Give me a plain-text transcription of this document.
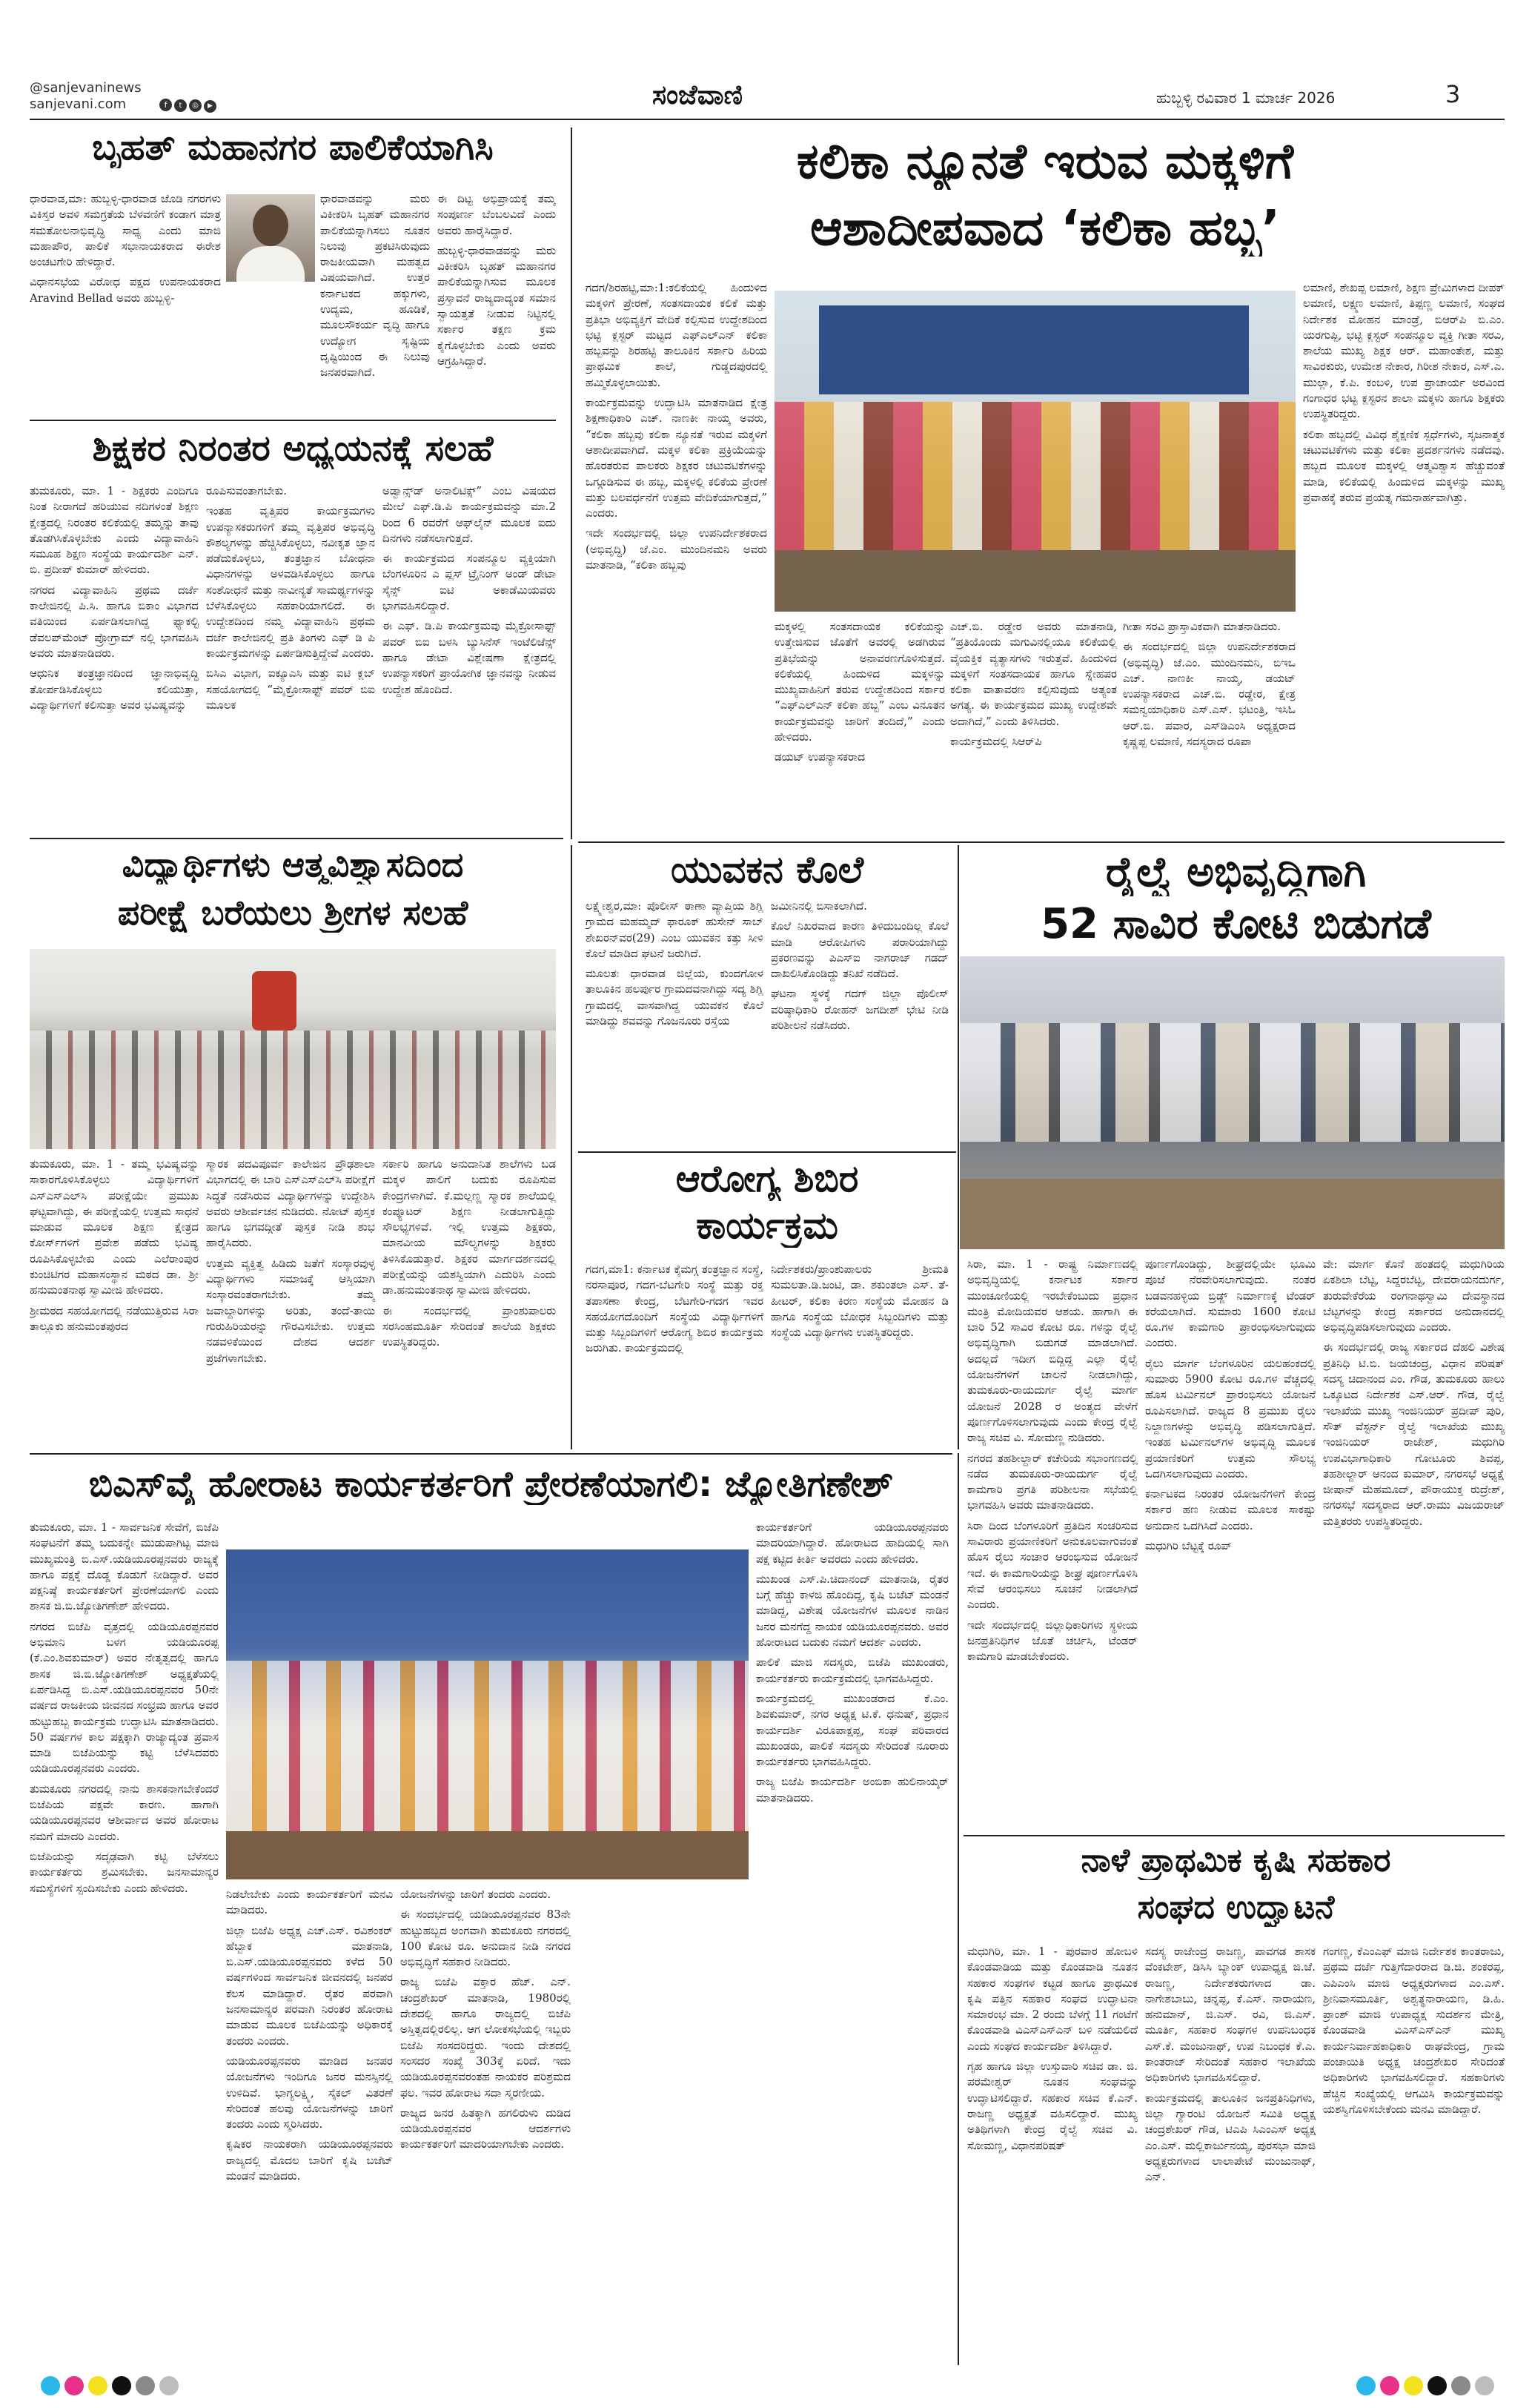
@sanjevaninews
sanjevani.com	f t ◎ ▶	ಸಂಜೆವಾಣಿ	ಹುಬ್ಬಳ್ಳಿ ರವಿವಾರ 1 ಮಾರ್ಚ 2026	3
ಬೃಹತ್ ಮಹಾನಗರ ಪಾಲಿಕೆಯಾಗಿಸಿ

ಧಾರವಾಡ,ಮಾ: ಹುಬ್ಬಳ್ಳಿ-ಧಾರವಾಡ ಜೊಡಿ ನಗರಗಳು ವಿಕಿಸ್ತರ ಅವಳಿ ಸಮಗ್ರತೆಯ ಬೆಳವಣಿಗೆ ಕಂಡಾಗ ಮಾತ್ರ ಸಮತೋಲನಾಭಿವೃದ್ಧಿ ಸಾಧ್ಯ ಎಂದು ಮಾಜಿ ಮಹಾಪೌರ, ಪಾಲಿಕೆ ಸಭಾನಾಯಕರಾದ ಈರೇಶ ಅಂಚಟಗೇರಿ ಹೇಳಿದ್ದಾರೆ.

ವಿಧಾನಸಭೆಯ ವಿರೋಧ ಪಕ್ಷದ ಉಪನಾಯಕರಾದ Aravind Bellad ಅವರು ಹುಬ್ಬಳ್ಳಿ-

ಧಾರವಾಡವನ್ನು ಮರು ವಿಕೀಕರಿಸಿ ಬೃಹತ್ ಮಹಾನಗರ ಪಾಲಿಕೆಯನ್ನಾಗಿಸಲು ನೂತನ ನಿಲುವು ಪ್ರಕಟಿಸಿರುವುದು ರಾಜಕೀಯವಾಗಿ ಮಹತ್ವದ ವಿಷಯವಾಗಿದೆ. ಉತ್ತರ ಕರ್ನಾಟಕದ ಹಕ್ಕುಗಳು, ಉದ್ಯಮ, ಹೂಡಿಕೆ, ಮೂಲಸೌಕರ್ಯ ವೃದ್ಧಿ ಹಾಗೂ ಉದ್ಯೋಗ ಸೃಷ್ಟಿಯ ದೃಷ್ಟಿಯಿಂದ ಈ ನಿಲುವು ಜನಪರವಾಗಿದೆ.

ಈ ದಿಟ್ಟ ಅಭಿಪ್ರಾಯಕ್ಕೆ ತಮ್ಮ ಸಂಪೂರ್ಣ ಬೆಂಬಲವಿದೆ ಎಂದು ಅವರು ಹಾರೈಸಿದ್ದಾರೆ.

ಹುಬ್ಬಳ್ಳಿ-ಧಾರವಾಡವನ್ನು ಮರು ವಿಕೀಕರಿಸಿ ಬೃಹತ್ ಮಹಾನಗರ ಪಾಲಿಕೆಯನ್ನಾಗಿಸುವ ಮೂಲಕ ಪ್ರಸ್ತಾವನೆ ರಾಜ್ಯದಾದ್ಯಂತ ಸಮಾನ ಸ್ವಾಯತ್ತತೆ ನೀಡುವ ನಿಟ್ಟಿನಲ್ಲಿ ಸರ್ಕಾರ ತಕ್ಷಣ ಕ್ರಮ ಕೈಗೊಳ್ಳಬೇಕು ಎಂದು ಅವರು ಆಗ್ರಹಿಸಿದ್ದಾರೆ.

ಕಲಿಕಾ ನ್ಯೂನತೆ ಇರುವ ಮಕ್ಕಳಿಗೆ
ಆಶಾದೀಪವಾದ ‘ಕಲಿಕಾ ಹಬ್ಬ’

ಗದಗ/ಶಿರಹಟ್ಟಿ,ಮಾ:1:ಕಲಿಕೆಯಲ್ಲಿ ಹಿಂದುಳಿದ ಮಕ್ಕಳಿಗೆ ಪ್ರೇರಣೆ, ಸಂತಸದಾಯಕ ಕಲಿಕೆ ಮತ್ತು ಪ್ರತಿಭಾ ಅಭಿವ್ಯಕ್ತಿಗೆ ವೇದಿಕೆ ಕಲ್ಪಿಸುವ ಉದ್ದೇಶದಿಂದ ಭಟ್ಟಿ ಕ್ಲಸ್ಟರ್ ಮಟ್ಟದ ಎಫ್‌ಎಲ್‌ಎನ್ ಕಲಿಕಾ ಹಬ್ಬವನ್ನು ಶಿರಹಟ್ಟಿ ತಾಲೂಕಿನ ಸರ್ಕಾರಿ ಹಿರಿಯ ಪ್ರಾಥಮಿಕ ಶಾಲೆ, ಗುಡ್ಡದಪುರದಲ್ಲಿ ಹಮ್ಮಿಕೊಳ್ಳಲಾಯಿತು.

ಕಾರ್ಯಕ್ರಮವನ್ನು ಉದ್ಘಾಟಿಸಿ ಮಾತನಾಡಿದ ಕ್ಷೇತ್ರ ಶಿಕ್ಷಣಾಧಿಕಾರಿ ಎಚ್. ನಾಣಕೀ ನಾಯ್ಕ ಅವರು, “ಕಲಿಕಾ ಹಬ್ಬವು ಕಲಿಕಾ ನ್ಯೂನತೆ ಇರುವ ಮಕ್ಕಳಿಗೆ ಆಶಾದೀಪವಾಗಿದೆ. ಮಕ್ಕಳ ಕಲಿಕಾ ಪ್ರಕ್ರಿಯೆಯನ್ನು ಹೊರತರುವ ಪಾಲಕರು ಶಿಕ್ಷಕರ ಚಟುವಟಿಕೆಗಳನ್ನು ಒಗ್ಗೂಡಿಸುವ ಈ ಹಬ್ಬ, ಮಕ್ಕಳಲ್ಲಿ ಕಲಿಕೆಯ ಪ್ರೇರಣೆ ಮತ್ತು ಬಲವರ್ಧನೆಗೆ ಉತ್ತಮ ವೇದಿಕೆಯಾಗುತ್ತದೆ,” ಎಂದರು.

ಇದೇ ಸಂದರ್ಭದಲ್ಲಿ ಜಿಲ್ಲಾ ಉಪನಿರ್ದೇಶಕರಾದ (ಅಭಿವೃದ್ಧಿ) ಜೆ.ಎಂ. ಮುಂದಿನಮನಿ ಅವರು ಮಾತನಾಡಿ, “ಕಲಿಕಾ ಹಬ್ಬವು

ಮಕ್ಕಳಲ್ಲಿ ಸಂತಸದಾಯಕ ಕಲಿಕೆಯನ್ನು ಉತ್ತೇಜಿಸುವ ಜೊತೆಗೆ ಅವರಲ್ಲಿ ಅಡಗಿರುವ ಪ್ರತಿಭೆಯನ್ನು ಅನಾವರಣಗೊಳಿಸುತ್ತದೆ. ಕಲಿಕೆಯಲ್ಲಿ ಹಿಂದುಳಿದ ಮಕ್ಕಳನ್ನು ಮುಖ್ಯವಾಹಿನಿಗೆ ತರುವ ಉದ್ದೇಶದಿಂದ ಸರ್ಕಾರ “ಎಫ್‌ಎಲ್‌ಎನ್ ಕಲಿಕಾ ಹಬ್ಬ” ಎಂಬ ವಿನೂತನ ಕಾರ್ಯಕ್ರಮವನ್ನು ಜಾರಿಗೆ ತಂದಿದೆ,” ಎಂದು ಹೇಳಿದರು.

ಡಯಟ್ ಉಪನ್ಯಾಸಕರಾದ

ಎಚ್.ಬಿ. ರಡ್ಡೇರ ಅವರು ಮಾತನಾಡಿ, “ಪ್ರತಿಯೊಂದು ಮಗುವಿನಲ್ಲಿಯೂ ಕಲಿಕೆಯಲ್ಲಿ ವೈಯಕ್ತಿಕ ವ್ಯತ್ಯಾಸಗಳು ಇರುತ್ತವೆ. ಹಿಂದುಳಿದ ಮಕ್ಕಳಿಗೆ ಸಂತಸದಾಯಕ ಹಾಗೂ ಸ್ನೇಹಪರ ಕಲಿಕಾ ವಾತಾವರಣ ಕಲ್ಪಿಸುವುದು ಅತ್ಯಂತ ಅಗತ್ಯ. ಈ ಕಾರ್ಯಕ್ರಮದ ಮುಖ್ಯ ಉದ್ದೇಶವೇ ಅದಾಗಿದೆ,” ಎಂದು ತಿಳಿಸಿದರು.

ಕಾರ್ಯಕ್ರಮದಲ್ಲಿ ಸಿಆರ್‌ಪಿ

ಗೀತಾ ಸರವಿ ಪ್ರಾಸ್ತಾವಿಕವಾಗಿ ಮಾತನಾಡಿದರು.

ಈ ಸಂದರ್ಭದಲ್ಲಿ ಜಿಲ್ಲಾ ಉಪನಿರ್ದೇಶಕರಾದ (ಅಭಿವೃದ್ಧಿ) ಜೆ.ಎಂ. ಮುಂದಿನಮನಿ, ಬಿಇಒ ಎಚ್. ನಾಣಕೀ ನಾಯ್ಕ, ಡಯಟ್ ಉಪನ್ಯಾಸಕರಾದ ಎಚ್.ಬಿ. ರಡ್ಡೇರ, ಕ್ಷೇತ್ರ ಸಮನ್ವಯಾಧಿಕಾರಿ ಎಸ್.ಎಸ್. ಭಟಂತ್ರಿ, ಇಸಿಓ ಆರ್.ಬಿ. ಪವಾರ, ಎಸ್‌ಡಿಎಂಸಿ ಅಧ್ಯಕ್ಷರಾದ ಕೃಷ್ಣಪ್ಪ ಲಮಾಣಿ, ಸದಸ್ಯರಾದ ರೂಪಾ

ಲಮಾಣಿ, ಶೇಖಪ್ಪ ಲಮಾಣಿ, ಶಿಕ್ಷಣ ಪ್ರೇಮಿಗಳಾದ ದೀಪಕ್ ಲಮಾಣಿ, ಲಕ್ಷ್ಮಣ ಲಮಾಣಿ, ತಿಪ್ಪಣ್ಣ ಲಮಾಣಿ, ಸಂಘದ ನಿರ್ದೇಶಕ ಮೋಹನ ಮಾಂಡ್ರೆ, ಬಿಆರ್‌ಪಿ ಬಿ.ಎಂ. ಯರಗುಪ್ಪಿ, ಭಟ್ಟಿ ಕ್ಲಸ್ಟರ್ ಸಂಪನ್ಮೂಲ ವ್ಯಕ್ತಿ ಗೀತಾ ಸರವಿ, ಶಾಲೆಯ ಮುಖ್ಯ ಶಿಕ್ಷಕ ಆರ್. ಮಹಾಂತೇಶ, ಮತ್ತು ಸಾವಿರಕುರು, ಉಮೇಶ ನೇಕಾರ, ಗಿರೀಶ ನೇಕಾರ, ಎಸ್.ಎ. ಮುಲ್ಲಾ, ಕೆ.ಪಿ. ಕಂಬಳಿ, ಉಪ ಪ್ರಾಚಾರ್ಯ ಅರವಿಂದ ಗಂಗಾಧರ ಭಟ್ಟ ಕ್ಲಸ್ಟರನ ಶಾಲಾ ಮಕ್ಕಳು ಹಾಗೂ ಶಿಕ್ಷಕರು ಉಪಸ್ಥಿತರಿದ್ದರು.

ಕಲಿಕಾ ಹಬ್ಬದಲ್ಲಿ ವಿವಿಧ ಶೈಕ್ಷಣಿಕ ಸ್ಪರ್ಧೆಗಳು, ಸೃಜನಾತ್ಮಕ ಚಟುವಟಿಕೆಗಳು ಮತ್ತು ಕಲಿಕಾ ಪ್ರದರ್ಶನಗಳು ನಡೆದವು. ಹಬ್ಬದ ಮೂಲಕ ಮಕ್ಕಳಲ್ಲಿ ಆತ್ಮವಿಶ್ವಾಸ ಹೆಚ್ಚುವಂತೆ ಮಾಡಿ, ಕಲಿಕೆಯಲ್ಲಿ ಹಿಂದುಳಿದ ಮಕ್ಕಳನ್ನು ಮುಖ್ಯ ಪ್ರವಾಹಕ್ಕೆ ತರುವ ಪ್ರಯತ್ನ ಗಮನಾರ್ಹವಾಗಿತ್ತು.

ಶಿಕ್ಷಕರ ನಿರಂತರ ಅಧ್ಯಯನಕ್ಕೆ ಸಲಹೆ

ತುಮಕೂರು, ಮಾ. 1 - ಶಿಕ್ಷಕರು ಎಂದಿಗೂ ನಿಂತ ನೀರಾಗದೆ ಹರಿಯುವ ನದಿಗಳಂತೆ ಶಿಕ್ಷಣ ಕ್ಷೇತ್ರದಲ್ಲಿ ನಿರಂತರ ಕಲಿಕೆಯಲ್ಲಿ ತಮ್ಮನ್ನು ತಾವು ತೊಡಗಿಸಿಕೊಳ್ಳಬೇಕು ಎಂದು ವಿದ್ಯಾವಾಹಿನಿ ಸಮೂಹ ಶಿಕ್ಷಣ ಸಂಸ್ಥೆಯ ಕಾರ್ಯದರ್ಶಿ ಎನ್. ಬಿ. ಪ್ರದೀಪ್ ಕುಮಾರ್ ಹೇಳಿದರು.

ನಗರದ ವಿದ್ಯಾವಾಹಿನಿ ಪ್ರಥಮ ದರ್ಜೆ ಕಾಲೇಜಿನಲ್ಲಿ ಪಿ.ಸಿ. ಹಾಗೂ ಬಿಕಾಂ ವಿಭಾಗದ ವತಿಯಿಂದ ಏರ್ಪಡಿಸಲಾಗಿದ್ದ ಫ್ಯಾಕಲ್ಟಿ ಡೆವಲಪ್‌ಮೆಂಟ್ ಪ್ರೋಗ್ರಾಮ್ ನಲ್ಲಿ ಭಾಗವಹಿಸಿ ಅವರು ಮಾತನಾಡಿದರು.

ಆಧುನಿಕ ತಂತ್ರಜ್ಞಾನದಿಂದ ಜ್ಞಾನಾಭಿವೃದ್ಧಿ ತೋರ್ಪಡಿಸಿಕೊಳ್ಳಲು ಕಲಿಯುತ್ತಾ, ವಿದ್ಯಾರ್ಥಿಗಳಿಗೆ ಕಲಿಸುತ್ತಾ ಅವರ ಭವಿಷ್ಯವನ್ನು

ರೂಪಿಸುವಂತಾಗಬೇಕು.

ಇಂತಹ ವೃತ್ತಿಪರ ಕಾರ್ಯಕ್ರಮಗಳು ಉಪನ್ಯಾಸಕರುಗಳಿಗೆ ತಮ್ಮ ವೃತ್ತಿಪರ ಅಭಿವೃದ್ಧಿ ಕೌಶಲ್ಯಗಳನ್ನು ಹೆಚ್ಚಿಸಿಕೊಳ್ಳಲು, ನವೀಕೃತ ಜ್ಞಾನ ಪಡೆದುಕೊಳ್ಳಲು, ತಂತ್ರಜ್ಞಾನ ಬೋಧನಾ ವಿಧಾನಗಳನ್ನು ಅಳವಡಿಸಿಕೊಳ್ಳಲು ಹಾಗೂ ಸಂಶೋಧನೆ ಮತ್ತು ನಾವೀನ್ಯತೆ ಸಾಮರ್ಥ್ಯಗಳನ್ನು ಬೆಳೆಸಿಕೊಳ್ಳಲು ಸಹಕಾರಿಯಾಗಲಿದೆ. ಈ ಉದ್ದೇಶದಿಂದ ನಮ್ಮ ವಿದ್ಯಾವಾಹಿನಿ ಪ್ರಥಮ ದರ್ಜೆ ಕಾಲೇಜಿನಲ್ಲಿ ಪ್ರತಿ ತಿಂಗಳು ಎಫ್ ಡಿ ಪಿ ಕಾರ್ಯಕ್ರಮಗಳನ್ನು ಏರ್ಪಡಿಸುತ್ತಿದ್ದೇವೆ ಎಂದರು.

ಬಿಸಿಎ ವಿಭಾಗ, ಐಕ್ಯೂಎಸಿ ಮತ್ತು ಐಟಿ ಕ್ಲಬ್ ಸಹಯೋಗದಲ್ಲಿ “ಮೈಕ್ರೋಸಾಫ್ಟ್ ಪವರ್ ಬಿಐ ಮೂಲಕ

ಅಡ್ವಾನ್ಸ್‌ಡ್ ಅನಾಲಿಟಿಕ್ಸ್” ಎಂಬ ವಿಷಯದ ಮೇಲೆ ಎಫ್.ಡಿ.ಪಿ ಕಾರ್ಯಕ್ರಮವನ್ನು ಮಾ.2 ರಿಂದ 6 ರವರೆಗೆ ಆಫ್‌ಲೈನ್ ಮೂಲಕ ಐದು ದಿನಗಳು ನಡೆಸಲಾಗುತ್ತದೆ.

ಈ ಕಾರ್ಯಕ್ರಮದ ಸಂಪನ್ಮೂಲ ವ್ಯಕ್ತಿಯಾಗಿ ಬೆಂಗಳೂರಿನ ಎ ಪ್ಲಸ್ ಟ್ರೈನಿಂಗ್ ಅಂಡ್ ಡೇಟಾ ಸೈನ್ಸ್ ಐಟಿ ಅಕಾಡೆಮಿಯವರು ಭಾಗವಹಿಸಲಿದ್ದಾರೆ.

ಈ ಎಫ್. ಡಿ.ಪಿ ಕಾರ್ಯಕ್ರಮವು ಮೈಕ್ರೋಸಾಫ್ಟ್ ಪವರ್ ಬಿಐ ಬಳಸಿ ಬ್ಯುಸಿನೆಸ್ ಇಂಟೆಲಿಜೆನ್ಸ್ ಹಾಗೂ ಡೇಟಾ ವಿಶ್ಲೇಷಣಾ ಕ್ಷೇತ್ರದಲ್ಲಿ ಉಪನ್ಯಾಸಕರಿಗೆ ಪ್ರಾಯೋಗಿಕ ಜ್ಞಾನವನ್ನು ನೀಡುವ ಉದ್ದೇಶ ಹೊಂದಿದೆ.

ವಿದ್ಯಾರ್ಥಿಗಳು ಆತ್ಮವಿಶ್ವಾಸದಿಂದ
ಪರೀಕ್ಷೆ ಬರೆಯಲು ಶ್ರೀಗಳ ಸಲಹೆ

ತುಮಕೂರು, ಮಾ. 1 - ತಮ್ಮ ಭವಿಷ್ಯವನ್ನು ಸಾಕಾರಗೊಳಿಸಿಕೊಳ್ಳಲು ವಿದ್ಯಾರ್ಥಿಗಳಿಗೆ ಎಸ್‌ಎಸ್‌ಎಲ್‌ಸಿ ಪರೀಕ್ಷೆಯೇ ಪ್ರಮುಖ ಘಟ್ಟವಾಗಿದ್ದು, ಈ ಪರೀಕ್ಷೆಯಲ್ಲಿ ಉತ್ತಮ ಸಾಧನೆ ಮಾಡುವ ಮೂಲಕ ಶಿಕ್ಷಣ ಕ್ಷೇತ್ರದ ಕೋರ್ಸ್‌ಗಳಿಗೆ ಪ್ರವೇಶ ಪಡೆದು ಭವಿಷ್ಯ ರೂಪಿಸಿಕೊಳ್ಳಬೇಕು ಎಂದು ಎಲೆರಾಂಪುರ ಕುಂಚಿಟಿಗರ ಮಹಾಸಂಸ್ಥಾನ ಮಠದ ಡಾ. ಶ್ರೀ ಹನುಮಂತನಾಥ ಸ್ವಾಮೀಜಿ ಹೇಳಿದರು.

ಶ್ರೀಮಠದ ಸಹಯೋಗದಲ್ಲಿ ನಡೆಯುತ್ತಿರುವ ಸಿರಾ ತಾಲ್ಲೂಕು ಹನುಮಂತಪುರದ

ಸ್ಮಾರಕ ಪದವಿಪೂರ್ವ ಕಾಲೇಜಿನ ಪ್ರೌಢಶಾಲಾ ವಿಭಾಗದಲ್ಲಿ ಈ ಬಾರಿ ಎಸ್‌ಎಸ್‌ಎಲ್‌ಸಿ ಪರೀಕ್ಷೆಗೆ ಸಿದ್ಧತೆ ನಡೆಸಿರುವ ವಿದ್ಯಾರ್ಥಿಗಳನ್ನು ಉದ್ದೇಶಿಸಿ ಅವರು ಆಶೀರ್ವಚನ ನುಡಿದರು. ನೋಟ್ ಪುಸ್ತಕ ಹಾಗೂ ಭಗವದ್ಗೀತೆ ಪುಸ್ತಕ ನೀಡಿ ಶುಭ ಹಾರೈಸಿದರು.

ಉತ್ತಮ ವ್ಯಕ್ತಿತ್ವ ಹಿಡಿದು ಜತೆಗೆ ಸಂಸ್ಕಾರವುಳ್ಳ ವಿದ್ಯಾರ್ಥಿಗಳು ಸಮಾಜಕ್ಕೆ ಆಸ್ತಿಯಾಗಿ ಸಂಸ್ಕಾರವಂತರಾಗಬೇಕು. ತಮ್ಮ ಜವಾಬ್ದಾರಿಗಳನ್ನು ಅರಿತು, ತಂದೆ-ತಾಯಿ ಗುರುಹಿರಿಯರನ್ನು ಗೌರವಿಸಬೇಕು. ಉತ್ತಮ ನಡವಳಿಕೆಯಿಂದ ದೇಶದ ಆದರ್ಶ ಪ್ರಜೆಗಳಾಗಬೇಕು.

ಸರ್ಕಾರಿ ಹಾಗೂ ಅನುದಾನಿತ ಶಾಲೆಗಳು ಬಡ ಮಕ್ಕಳ ಪಾಲಿಗೆ ಬದುಕು ರೂಪಿಸುವ ಕೇಂದ್ರಗಳಾಗಿವೆ. ಕೆ.ಮಲ್ಲಣ್ಣ ಸ್ಮಾರಕ ಶಾಲೆಯಲ್ಲಿ ಕಂಪ್ಯೂಟರ್ ಶಿಕ್ಷಣ ನೀಡಲಾಗುತ್ತಿದ್ದು ಸೌಲಭ್ಯಗಳಿವೆ. ಇಲ್ಲಿ ಉತ್ತಮ ಶಿಕ್ಷಕರು, ಮಾನವೀಯ ಮೌಲ್ಯಗಳನ್ನು ಶಿಕ್ಷಕರು ತಿಳಿಸಿಕೊಡುತ್ತಾರೆ. ಶಿಕ್ಷಕರ ಮಾರ್ಗದರ್ಶನದಲ್ಲಿ ಪರೀಕ್ಷೆಯನ್ನು ಯಶಸ್ವಿಯಾಗಿ ಎದುರಿಸಿ ಎಂದು ಡಾ.ಹನುಮಂತನಾಥ ಸ್ವಾಮೀಜಿ ಹೇಳಿದರು.

ಈ ಸಂದರ್ಭದಲ್ಲಿ ಪ್ರಾಂಶುಪಾಲರು ಸರಸಿಂಹಮೂರ್ತಿ ಸೇರಿದಂತೆ ಶಾಲೆಯ ಶಿಕ್ಷಕರು ಉಪಸ್ಥಿತರಿದ್ದರು.

ಯುವಕನ ಕೊಲೆ

ಲಕ್ಷ್ಮೇಶ್ವರ,ಮಾ: ಪೊಲೀಸ್ ಠಾಣಾ ವ್ಯಾಪ್ತಿಯ ಶಿಗ್ಲಿ ಗ್ರಾಮದ ಮಹಮ್ಮದ್ ಫಾರೂಕ್ ಹುಸೇನ್ ಸಾಬ್ ಶೇಖರನ್‌ವರ(29) ಎಂಬ ಯುವಕನ ಕತ್ತು ಸೀಳಿ ಕೊಲೆ ಮಾಡಿದ ಘಟನೆ ಜರುಗಿದೆ.

ಮೂಲತಃ ಧಾರವಾಡ ಜಿಲ್ಲೆಯ, ಕುಂದಗೋಳ ತಾಲೂಕಿನ ಹಲರ್ಪುರ ಗ್ರಾಮದವನಾಗಿದ್ದು ಸದ್ಯ ಶಿಗ್ಲಿ ಗ್ರಾಮದಲ್ಲಿ ವಾಸವಾಗಿದ್ದ ಯುವಕನ ಕೊಲೆ ಮಾಡಿದ್ದು ಶವವನ್ನು ಗೊಜನೂರು ರಸ್ತೆಯ

ಜಮೀನಿನಲ್ಲಿ ಬಿಸಾಕಲಾಗಿದೆ.

ಕೊಲೆ ನಿಖರವಾದ ಕಾರಣ ತಿಳಿದುಬಂದಿಲ್ಲ ಕೊಲೆ ಮಾಡಿ ಆರೋಪಿಗಳು ಪರಾರಿಯಾಗಿದ್ದು ಪ್ರಕರಣವನ್ನು ಪಿಎಸ್‌ಐ ನಾಗರಾಜ್ ಗಡದ್ ದಾಖಲಿಸಿಕೊಂಡಿದ್ದು ತನಿಖೆ ನಡೆದಿದೆ.

ಘಟನಾ ಸ್ಥಳಕ್ಕೆ ಗದಗ್ ಜಿಲ್ಲಾ ಪೊಲೀಸ್ ವರಿಷ್ಠಾಧಿಕಾರಿ ರೋಹನ್ ಜಗದೀಶ್ ಭೇಟಿ ನೀಡಿ ಪರಿಶೀಲನೆ ನಡೆಸಿದರು.

ಆರೋಗ್ಯ ಶಿಬಿರ
ಕಾರ್ಯಕ್ರಮ

ಗದಗ,ಮಾ1: ಕರ್ನಾಟಕ ಕೈಮಗ್ಗ ತಂತ್ರಜ್ಞಾನ ಸಂಸ್ಥೆ, ನರಸಾಪೂರ, ಗದಗ-ಬೆಟಗೇರಿ ಸಂಸ್ಥೆ ಮತ್ತು ರಕ್ತ ತಪಾಸಣಾ ಕೇಂದ್ರ, ಬೆಟಗೇರಿ-ಗದಗ ಇವರ ಸಹಯೋಗದೊಂದಿಗೆ ಸಂಸ್ಥೆಯ ವಿದ್ಯಾರ್ಥಿಗಳಿಗೆ ಮತ್ತು ಸಿಬ್ಬಂದಿಗಳಿಗೆ ಆರೋಗ್ಯ ಶಿಬಿರ ಕಾರ್ಯಕ್ರಮ ಜರುಗಿತು. ಕಾರ್ಯಕ್ರಮದಲ್ಲಿ

ನಿರ್ದೇಶಕರು/ಪ್ರಾಂಶುಪಾಲರು ಶ್ರೀಮತಿ ಸುಮಲತಾ.ಡಿ.ಜಂಟಿ, ಡಾ. ಶಕುಂತಲಾ ಎಸ್. ತೆ-ಹೀಟರ್, ಕಲಿಕಾ ಕಿರಣ ಸಂಸ್ಥೆಯ ಮೋಹನ ಡಿ ಹಾಗೂ ಸಂಸ್ಥೆಯ ಬೋಧಕ ಸಿಬ್ಬಂದಿಗಳು ಮತ್ತು ಸಂಸ್ಥೆಯ ವಿದ್ಯಾರ್ಥಿಗಳು ಉಪಸ್ಥಿತರಿದ್ದರು.

ರೈಲ್ವೆ ಅಭಿವೃದ್ಧಿಗಾಗಿ
52 ಸಾವಿರ ಕೋಟಿ ಬಿಡುಗಡೆ

ಸಿರಾ, ಮಾ. 1 - ರಾಷ್ಟ್ರ ನಿರ್ಮಾಣದಲ್ಲಿ ಅಭಿವೃದ್ಧಿಯಲ್ಲಿ ಕರ್ನಾಟಕ ಸರ್ಕಾರ ಮುಂಚೂಣಿಯಲ್ಲಿ ಇರಬೇಕೆಂಬುದು ಪ್ರಧಾನ ಮಂತ್ರಿ ಮೋದಿಯವರ ಆಶಯ. ಹಾಗಾಗಿ ಈ ಬಾರಿ 52 ಸಾವಿರ ಕೋಟಿ ರೂ. ಗಳನ್ನು ರೈಲ್ವೆ ಅಭಿವೃದ್ಧಿಗಾಗಿ ಬಿಡುಗಡೆ ಮಾಡಲಾಗಿದೆ. ಅದಲ್ಲದೆ ಇದೀಗ ಬಿದ್ದಿದ್ದ ಎಲ್ಲಾ ರೈಲ್ವೆ ಯೋಜನೆಗಳಿಗೆ ಚಾಲನೆ ನೀಡಲಾಗಿದ್ದು, ತುಮಕೂರು-ರಾಯದುರ್ಗ ರೈಲ್ವೆ ಮಾರ್ಗ ಯೋಜನೆ 2028 ರ ಅಂತ್ಯದ ವೇಳೆಗೆ ಪೂರ್ಣಗೊಳಿಸಲಾಗುವುದು ಎಂದು ಕೇಂದ್ರ ರೈಲ್ವೆ ರಾಜ್ಯ ಸಚಿವ ವಿ. ಸೋಮಣ್ಣ ನುಡಿದರು.

ನಗರದ ತಹಶೀಲ್ದಾರ್ ಕಚೇರಿಯ ಸಭಾಂಗಣದಲ್ಲಿ ನಡೆದ ತುಮಕೂರು-ರಾಯದುರ್ಗ ರೈಲ್ವೆ ಕಾಮಗಾರಿ ಪ್ರಗತಿ ಪರಿಶೀಲನಾ ಸಭೆಯಲ್ಲಿ ಭಾಗವಹಿಸಿ ಅವರು ಮಾತನಾಡಿದರು.

ಸಿರಾ ದಿಂದ ಬೆಂಗಳೂರಿಗೆ ಪ್ರತಿದಿನ ಸಂಚರಿಸುವ ಸಾವಿರಾರು ಪ್ರಯಾಣಿಕರಿಗೆ ಅನುಕೂಲವಾಗುವಂತೆ ಹೊಸ ರೈಲು ಸಂಚಾರ ಆರಂಭಿಸುವ ಯೋಜನೆ ಇದೆ. ಈ ಕಾಮಗಾರಿಯನ್ನು ಶೀಘ್ರ ಪೂರ್ಣಗೊಳಿಸಿ ಸೇವೆ ಆರಂಭಿಸಲು ಸೂಚನೆ ನೀಡಲಾಗಿದೆ ಎಂದರು.

ಇದೇ ಸಂದರ್ಭದಲ್ಲಿ ಜಿಲ್ಲಾಧಿಕಾರಿಗಳು ಸ್ಥಳೀಯ ಜನಪ್ರತಿನಿಧಿಗಳ ಜೊತೆ ಚರ್ಚಿಸಿ, ಟೆಂಡರ್ ಕಾಮಗಾರಿ ಮಾಡಬೇಕೆಂದರು.

ಪೂರ್ಣಗೊಂಡಿದ್ದು, ಶೀಘ್ರದಲ್ಲಿಯೇ ಭೂಮಿ ಪೂಜೆ ನೆರವೇರಿಸಲಾಗುವುದು. ನಂತರ ಬಡವನಹಳ್ಳಿಯ ಬ್ರಿಡ್ಜ್ ನಿರ್ಮಾಣಕ್ಕೆ ಟೆಂಡರ್ ಕರೆಯಲಾಗಿದೆ. ಸುಮಾರು 1600 ಕೋಟಿ ರೂ.ಗಳ ಕಾಮಗಾರಿ ಪ್ರಾರಂಭಿಸಲಾಗುವುದು ಎಂದರು.

ರೈಲು ಮಾರ್ಗ ಬೆಂಗಳೂರಿನ ಯಲಹಂಕದಲ್ಲಿ ಸುಮಾರು 5900 ಕೋಟಿ ರೂ.ಗಳ ವೆಚ್ಚದಲ್ಲಿ ಹೊಸ ಟರ್ಮಿನಲ್ ಪ್ರಾರಂಭಿಸಲು ಯೋಜನೆ ರೂಪಿಸಲಾಗಿದೆ. ರಾಜ್ಯದ 8 ಪ್ರಮುಖ ರೈಲು ನಿಲ್ದಾಣಗಳನ್ನು ಅಭಿವೃದ್ಧಿ ಪಡಿಸಲಾಗುತ್ತಿದೆ. ಇಂತಹ ಟರ್ಮಿನಲ್‌ಗಳ ಅಭಿವೃದ್ಧಿ ಮೂಲಕ ಪ್ರಯಾಣಿಕರಿಗೆ ಉತ್ತಮ ಸೌಲಭ್ಯ ಒದಗಿಸಲಾಗುವುದು ಎಂದರು.

ಕರ್ನಾಟಕದ ನಿರಂತರ ಯೋಜನೆಗಳಿಗೆ ಕೇಂದ್ರ ಸರ್ಕಾರ ಹಣ ನೀಡುವ ಮೂಲಕ ಸಾಕಷ್ಟು ಅನುದಾನ ಒದಗಿಸಿದೆ ಎಂದರು.

ಮಧುಗಿರಿ ಬೆಟ್ಟಕ್ಕೆ ರೂಪ್

ವೇ: ಮಾರ್ಗ ಕೊನೆ ಹಂತದಲ್ಲಿ ಮಧುಗಿರಿಯ ಏಕಶಿಲಾ ಬೆಟ್ಟ, ಸಿದ್ದರಬೆಟ್ಟ, ದೇವರಾಯನದುರ್ಗ, ತುರುವೇಕೆರೆಯ ರಂಗನಾಥಸ್ವಾಮಿ ದೇವಸ್ಥಾನದ ಬೆಟ್ಟಗಳನ್ನು ಕೇಂದ್ರ ಸರ್ಕಾರದ ಅನುದಾನದಲ್ಲಿ ಅಭಿವೃದ್ಧಿಪಡಿಸಲಾಗುವುದು ಎಂದರು.

ಈ ಸಂದರ್ಭದಲ್ಲಿ ರಾಜ್ಯ ಸರ್ಕಾರದ ದೆಹಲಿ ವಿಶೇಷ ಪ್ರತಿನಿಧಿ ಟಿ.ಬಿ. ಜಯಚಂದ್ರ, ವಿಧಾನ ಪರಿಷತ್ ಸದಸ್ಯ ಚಿದಾನಂದ ಎಂ. ಗೌಡ, ತುಮಕೂರು ಹಾಲು ಒಕ್ಕೂಟದ ನಿರ್ದೇಶಕ ಎಸ್.ಆರ್. ಗೌಡ, ರೈಲ್ವೆ ಇಲಾಖೆಯ ಮುಖ್ಯ ಇಂಜಿನಿಯರ್ ಪ್ರದೀಪ್ ಪುರಿ, ಸೌತ್ ವೆಸ್ಟರ್ನ್ ರೈಲ್ವೆ ಇಲಾಖೆಯ ಮುಖ್ಯ ಇಂಜಿನಿಯರ್ ರಾಜೇಶ್, ಮಧುಗಿರಿ ಉಪವಿಭಾಗಾಧಿಕಾರಿ ಗೋಟೂರು ಶಿವಪ್ಪ, ತಹಶೀಲ್ದಾರ್ ಆನಂದ ಕುಮಾರ್, ನಗರಸಭೆ ಅಧ್ಯಕ್ಷೆ ಜೀಷಾನ್ ಮೆಹಮೂದ್, ಪೌರಾಯುಕ್ತ ರುದ್ರೇಶ್, ನಗರಸಭೆ ಸದಸ್ಯರಾದ ಆರ್.ರಾಮು ವಿಜಯರಾಜ್ ಮತ್ತಿತರರು ಉಪಸ್ಥಿತರಿದ್ದರು.

ಬಿಎಸ್‌ವೈ ಹೋರಾಟ ಕಾರ್ಯಕರ್ತರಿಗೆ ಪ್ರೇರಣೆಯಾಗಲಿ: ಜ್ಯೋತಿಗಣೇಶ್

ತುಮಕೂರು, ಮಾ. 1 - ಸಾರ್ವಜನಿಕ ಸೇವೆಗೆ, ಬಿಜೆಪಿ ಸಂಘಟನೆಗೆ ತಮ್ಮ ಬದುಕನ್ನೇ ಮುಡುಪಾಗಿಟ್ಟ ಮಾಜಿ ಮುಖ್ಯಮಂತ್ರಿ ಬಿ.ಎಸ್.ಯಡಿಯೂರಪ್ಪನವರು ರಾಜ್ಯಕ್ಕೆ ಹಾಗೂ ಪಕ್ಷಕ್ಕೆ ದೊಡ್ಡ ಕೊಡುಗೆ ನೀಡಿದ್ದಾರೆ. ಅವರ ಪಕ್ಷನಿಷ್ಠೆ ಕಾರ್ಯಕರ್ತರಿಗೆ ಪ್ರೇರಣೆಯಾಗಲಿ ಎಂದು ಶಾಸಕ ಜಿ.ಬಿ.ಜ್ಯೋತಿಗಣೇಶ್ ಹೇಳಿದರು.

ನಗರದ ಬಿಜೆಪಿ ವೃತ್ತದಲ್ಲಿ ಯಡಿಯೂರಪ್ಪನವರ ಅಭಿಮಾನಿ ಬಳಗ ಯಡಿಯೂರಪ್ಪ (ಕೆ.ಎಂ.ಶಿವಕುಮಾರ್) ಅವರ ನೇತೃತ್ವದಲ್ಲಿ ಹಾಗೂ ಶಾಸಕ ಜಿ.ಬಿ.ಜ್ಯೋತಿಗಣೇಶ್ ಅಧ್ಯಕ್ಷತೆಯಲ್ಲಿ ಏರ್ಪಡಿಸಿದ್ದ ಬಿ.ಎಸ್.ಯಡಿಯೂರಪ್ಪನವರ 50ನೇ ವರ್ಷದ ರಾಜಕೀಯ ಜೀವನದ ಸಂಭ್ರಮ ಹಾಗೂ ಅವರ ಹುಟ್ಟುಹಬ್ಬ ಕಾರ್ಯಕ್ರಮ ಉದ್ಘಾಟಿಸಿ ಮಾತನಾಡಿದರು. 50 ವರ್ಷಗಳ ಕಾಲ ಪಕ್ಷಕ್ಕಾಗಿ ರಾಜ್ಯಾದ್ಯಂತ ಪ್ರವಾಸ ಮಾಡಿ ಬಿಜೆಪಿಯನ್ನು ಕಟ್ಟಿ ಬೆಳೆಸಿದವರು ಯಡಿಯೂರಪ್ಪನವರು ಎಂದರು.

ತುಮಕೂರು ನಗರದಲ್ಲಿ ನಾನು ಶಾಸಕನಾಗಬೇಕೆಂದರೆ ಬಿಜೆಪಿಯ ಪಕ್ಷವೇ ಕಾರಣ. ಹಾಗಾಗಿ ಯಡಿಯೂರಪ್ಪನವರ ಆಶೀರ್ವಾದ ಅವರ ಹೋರಾಟ ನಮಗೆ ಮಾದರಿ ಎಂದರು.

ಬಿಜೆಪಿಯನ್ನು ಸದೃಢವಾಗಿ ಕಟ್ಟಿ ಬೆಳೆಸಲು ಕಾರ್ಯಕರ್ತರು ಶ್ರಮಿಸಬೇಕು. ಜನಸಾಮಾನ್ಯರ ಸಮಸ್ಯೆಗಳಿಗೆ ಸ್ಪಂದಿಸಬೇಕು ಎಂದು ಹೇಳಿದರು.	ನಿಡಲೇಬೇಕು ಎಂದು ಕಾರ್ಯಕರ್ತರಿಗೆ ಮನವಿ ಮಾಡಿದರು.

ಜಿಲ್ಲಾ ಬಿಜೆಪಿ ಅಧ್ಯಕ್ಷ ಎಚ್.ಎಸ್. ರವಿಶಂಕರ್ ಹೆಬ್ಬಾಕ ಮಾತನಾಡಿ, ಬಿ.ಎಸ್.ಯಡಿಯೂರಪ್ಪನವರು ಕಳೆದ 50 ವರ್ಷಗಳಿಂದ ಸಾರ್ವಜನಿಕ ಜೀವನದಲ್ಲಿ ಜನಪರ ಕೆಲಸ ಮಾಡಿದ್ದಾರೆ. ರೈತರ ಪರವಾಗಿ ಜನಸಾಮಾನ್ಯರ ಪರವಾಗಿ ನಿರಂತರ ಹೋರಾಟ ಮಾಡುವ ಮೂಲಕ ಬಿಜೆಪಿಯನ್ನು ಅಧಿಕಾರಕ್ಕೆ ತಂದರು ಎಂದರು.

ಯಡಿಯೂರಪ್ಪನವರು ಮಾಡಿದ ಜನಪರ ಯೋಜನೆಗಳು ಇಂದಿಗೂ ಜನರ ಮನಸ್ಸಿನಲ್ಲಿ ಉಳಿದಿವೆ. ಭಾಗ್ಯಲಕ್ಷ್ಮಿ, ಸೈಕಲ್ ವಿತರಣೆ ಸೇರಿದಂತೆ ಹಲವು ಯೋಜನೆಗಳನ್ನು ಜಾರಿಗೆ ತಂದರು ಎಂದು ಸ್ಮರಿಸಿದರು.

ಕೃಷಿಕರ ನಾಯಕರಾಗಿ ಯಡಿಯೂರಪ್ಪನವರು ರಾಜ್ಯದಲ್ಲಿ ಮೊದಲ ಬಾರಿಗೆ ಕೃಷಿ ಬಜೆಟ್ ಮಂಡನೆ ಮಾಡಿದರು.

ಯೋಜನೆಗಳನ್ನು ಜಾರಿಗೆ ತಂದರು ಎಂದರು.

ಈ ಸಂದರ್ಭದಲ್ಲಿ ಯಡಿಯೂರಪ್ಪನವರ 83ನೇ ಹುಟ್ಟುಹಬ್ಬದ ಅಂಗವಾಗಿ ತುಮಕೂರು ನಗರದಲ್ಲಿ 100 ಕೋಟಿ ರೂ. ಅನುದಾನ ನೀಡಿ ನಗರದ ಅಭಿವೃದ್ಧಿಗೆ ಸಹಕಾರ ನೀಡಿದರು.

ರಾಜ್ಯ ಬಿಜೆಪಿ ವಕ್ತಾರ ಹೆಚ್. ಎನ್. ಚಂದ್ರಶೇಖರ್ ಮಾತನಾಡಿ, 1980ರಲ್ಲಿ ದೇಶದಲ್ಲಿ ಹಾಗೂ ರಾಜ್ಯದಲ್ಲಿ ಬಿಜೆಪಿ ಅಸ್ತಿತ್ವದಲ್ಲಿರಲಿಲ್ಲ. ಆಗ ಲೋಕಸಭೆಯಲ್ಲಿ ಇಬ್ಬರು ಬಿಜೆಪಿ ಸಂಸದರಿದ್ದರು. ಇಂದು ದೇಶದಲ್ಲಿ ಸಂಸದರ ಸಂಖ್ಯೆ 303ಕ್ಕೆ ಏರಿದೆ. ಇದು ಯಡಿಯೂರಪ್ಪನವರಂತಹ ನಾಯಕರ ಪರಿಶ್ರಮದ ಫಲ. ಇವರ ಹೋರಾಟ ಸದಾ ಸ್ಮರಣೀಯ.

ರಾಜ್ಯದ ಜನರ ಹಿತಕ್ಕಾಗಿ ಹಗಲಿರುಳು ದುಡಿದ ಯಡಿಯೂರಪ್ಪನವರ ಆದರ್ಶಗಳು ಕಾರ್ಯಕರ್ತರಿಗೆ ಮಾದರಿಯಾಗಬೇಕು ಎಂದರು.

ಕಾರ್ಯಕರ್ತರಿಗೆ ಯಡಿಯೂರಪ್ಪನವರು ಮಾದರಿಯಾಗಿದ್ದಾರೆ. ಹೋರಾಟದ ಹಾದಿಯಲ್ಲಿ ಸಾಗಿ ಪಕ್ಷ ಕಟ್ಟಿದ ಕೀರ್ತಿ ಅವರದು ಎಂದು ಹೇಳಿದರು.

ಮುಖಂಡ ಎಸ್.ಪಿ.ಚಿದಾನಂದ್ ಮಾತನಾಡಿ, ರೈತರ ಬಗ್ಗೆ ಹೆಚ್ಚು ಕಾಳಜಿ ಹೊಂದಿದ್ದ, ಕೃಷಿ ಬಜೆಟ್ ಮಂಡನೆ ಮಾಡಿದ್ದ, ವಿಶೇಷ ಯೋಜನೆಗಳ ಮೂಲಕ ನಾಡಿನ ಜನರ ಮನಗೆದ್ದ ನಾಯಕ ಯಡಿಯೂರಪ್ಪನವರು. ಅವರ ಹೋರಾಟದ ಬದುಕು ನಮಗೆ ಆದರ್ಶ ಎಂದರು.

ಪಾಲಿಕೆ ಮಾಜಿ ಸದಸ್ಯರು, ಬಿಜೆಪಿ ಮುಖಂಡರು, ಕಾರ್ಯಕರ್ತರು ಕಾರ್ಯಕ್ರಮದಲ್ಲಿ ಭಾಗವಹಿಸಿದ್ದರು.

ಕಾರ್ಯಕ್ರಮದಲ್ಲಿ ಮುಖಂಡರಾದ ಕೆ.ಎಂ. ಶಿವಕುಮಾರ್, ನಗರ ಅಧ್ಯಕ್ಷ ಟಿ.ಕೆ. ಧನುಷ್, ಪ್ರಧಾನ ಕಾರ್ಯದರ್ಶಿ ವಿರೂಪಾಕ್ಷಪ್ಪ, ಸಂಘ ಪರಿವಾರದ ಮುಖಂಡರು, ಪಾಲಿಕೆ ಸದಸ್ಯರು ಸೇರಿದಂತೆ ನೂರಾರು ಕಾರ್ಯಕರ್ತರು ಭಾಗವಹಿಸಿದ್ದರು.

ರಾಜ್ಯ ಬಿಜೆಪಿ ಕಾರ್ಯದರ್ಶಿ ಅಂಬಿಕಾ ಹುಲಿನಾಯ್ಕರ್ ಮಾತನಾಡಿದರು.

ನಾಳೆ ಪ್ರಾಥಮಿಕ ಕೃಷಿ ಸಹಕಾರ
ಸಂಘದ ಉದ್ಘಾಟನೆ

ಮಧುಗಿರಿ, ಮಾ. 1 - ಪುರವಾರ ಹೋಬಳಿ ಕೊಂಡವಾಡಿಯ ಮತ್ತು ಕೊಂಡವಾಡಿ ನೂತನ ಸಹಕಾರ ಸಂಘಗಳ ಕಟ್ಟಡ ಹಾಗೂ ಪ್ರಾಥಮಿಕ ಕೃಷಿ ಪತ್ತಿನ ಸಹಕಾರ ಸಂಘದ ಉದ್ಘಾಟನಾ ಸಮಾರಂಭ ಮಾ. 2 ರಂದು ಬೆಳಗ್ಗೆ 11 ಗಂಟೆಗೆ ಕೊಂಡವಾಡಿ ವಿಎಸ್‌ಎಸ್‌ಎನ್ ಬಳಿ ನಡೆಯಲಿದೆ ಎಂದು ಸಂಘದ ಕಾರ್ಯದರ್ಶಿ ತಿಳಿಸಿದ್ದಾರೆ.

ಗೃಹ ಹಾಗೂ ಜಿಲ್ಲಾ ಉಸ್ತುವಾರಿ ಸಚಿವ ಡಾ. ಜಿ. ಪರಮೇಶ್ವರ್ ನೂತನ ಸಂಘವನ್ನು ಉದ್ಘಾಟಿಸಲಿದ್ದಾರೆ. ಸಹಕಾರ ಸಚಿವ ಕೆ.ಎನ್. ರಾಜಣ್ಣ ಅಧ್ಯಕ್ಷತೆ ವಹಿಸಲಿದ್ದಾರೆ. ಮುಖ್ಯ ಅತಿಥಿಗಳಾಗಿ ಕೇಂದ್ರ ರೈಲ್ವೆ ಸಚಿವ ವಿ. ಸೋಮಣ್ಣ, ವಿಧಾನಪರಿಷತ್

ಸದಸ್ಯ ರಾಜೇಂದ್ರ ರಾಜಣ್ಣ, ಪಾವಗಡ ಶಾಸಕ ವೆಂಕಟೇಶ್, ಡಿಸಿಸಿ ಬ್ಯಾಂಕ್ ಉಪಾಧ್ಯಕ್ಷ ಜಿ.ಜೆ. ರಾಜಣ್ಣ, ನಿರ್ದೇಶಕರುಗಳಾದ ಡಾ. ನಾಗೇಶಬಾಬು, ಚನ್ನಪ್ಪ, ಕೆ.ಎಸ್. ನಾರಾಯಣ, ಹನುಮಾನ್, ಜಿ.ಎಸ್. ರವಿ, ಜಿ.ಎಸ್. ಮೂರ್ತಿ, ಸಹಕಾರ ಸಂಘಗಳ ಉಪನಿಬಂಧಕ ಎಸ್.ಕೆ. ಮಂಜುನಾಥ್, ಉಪ ನಿಬಂಧಕ ಕೆ.ಎ. ಕಾಂತರಾಜ್ ಸೇರಿದಂತೆ ಸಹಕಾರ ಇಲಾಖೆಯ ಅಧಿಕಾರಿಗಳು ಭಾಗವಹಿಸಲಿದ್ದಾರೆ.

ಕಾರ್ಯಕ್ರಮದಲ್ಲಿ ತಾಲೂಕಿನ ಜನಪ್ರತಿನಿಧಿಗಳು, ಜಿಲ್ಲಾ ಗ್ಯಾರಂಟಿ ಯೋಜನೆ ಸಮಿತಿ ಅಧ್ಯಕ್ಷ ಚಂದ್ರಶೇಖರ್ ಗೌಡ, ಟಿಎಪಿ ಸಿಎಂಎಸ್ ಅಧ್ಯಕ್ಷ ಎಂ.ಎಸ್. ಮಲ್ಲಿಕಾರ್ಜುನಯ್ಯ, ಪುರಸಭಾ ಮಾಜಿ ಅಧ್ಯಕ್ಷರುಗಳಾದ ಲಾಲಾಪೇಟೆ ಮಂಜುನಾಥ್, ಎನ್.

ಗಂಗಣ್ಣ, ಕೆಎಂಎಫ್ ಮಾಜಿ ನಿರ್ದೇಶಕ ಕಾಂತರಾಜು, ಪ್ರಥಮ ದರ್ಜೆ ಗುತ್ತಿಗೆದಾರರಾದ ಡಿ.ಜಿ. ಶಂಕರಪ್ಪ, ಎಪಿಎಂಸಿ ಮಾಜಿ ಅಧ್ಯಕ್ಷರುಗಳಾದ ಎಂ.ಎಸ್. ಶ್ರೀನಿವಾಸಮೂರ್ತಿ, ಅಶ್ವತ್ಥನಾರಾಯಣ, ಡಿ.ಹಿ. ಪ್ರಾಂಶ್ ಮಾಜಿ ಉಪಾಧ್ಯಕ್ಷ ಸುದರ್ಶನ ಮೇತ್ರಿ, ಕೊಂಡವಾಡಿ ವಿಎಸ್‌ಎಸ್‌ಎನ್ ಮುಖ್ಯ ಕಾರ್ಯನಿರ್ವಾಹಕಾಧಿಕಾರಿ ರಾಘವೇಂದ್ರ, ಗ್ರಾಮ ಪಂಚಾಯಿತಿ ಅಧ್ಯಕ್ಷ ಚಂದ್ರಶೇಖರ ಸೇರಿದಂತೆ ಅಧಿಕಾರಿಗಳು ಭಾಗವಹಿಸಲಿದ್ದಾರೆ. ಸಹಕಾರಿಗಳು ಹೆಚ್ಚಿನ ಸಂಖ್ಯೆಯಲ್ಲಿ ಆಗಮಿಸಿ ಕಾರ್ಯಕ್ರಮವನ್ನು ಯಶಸ್ವಿಗೊಳಿಸಬೇಕೆಂದು ಮನವಿ ಮಾಡಿದ್ದಾರೆ.
